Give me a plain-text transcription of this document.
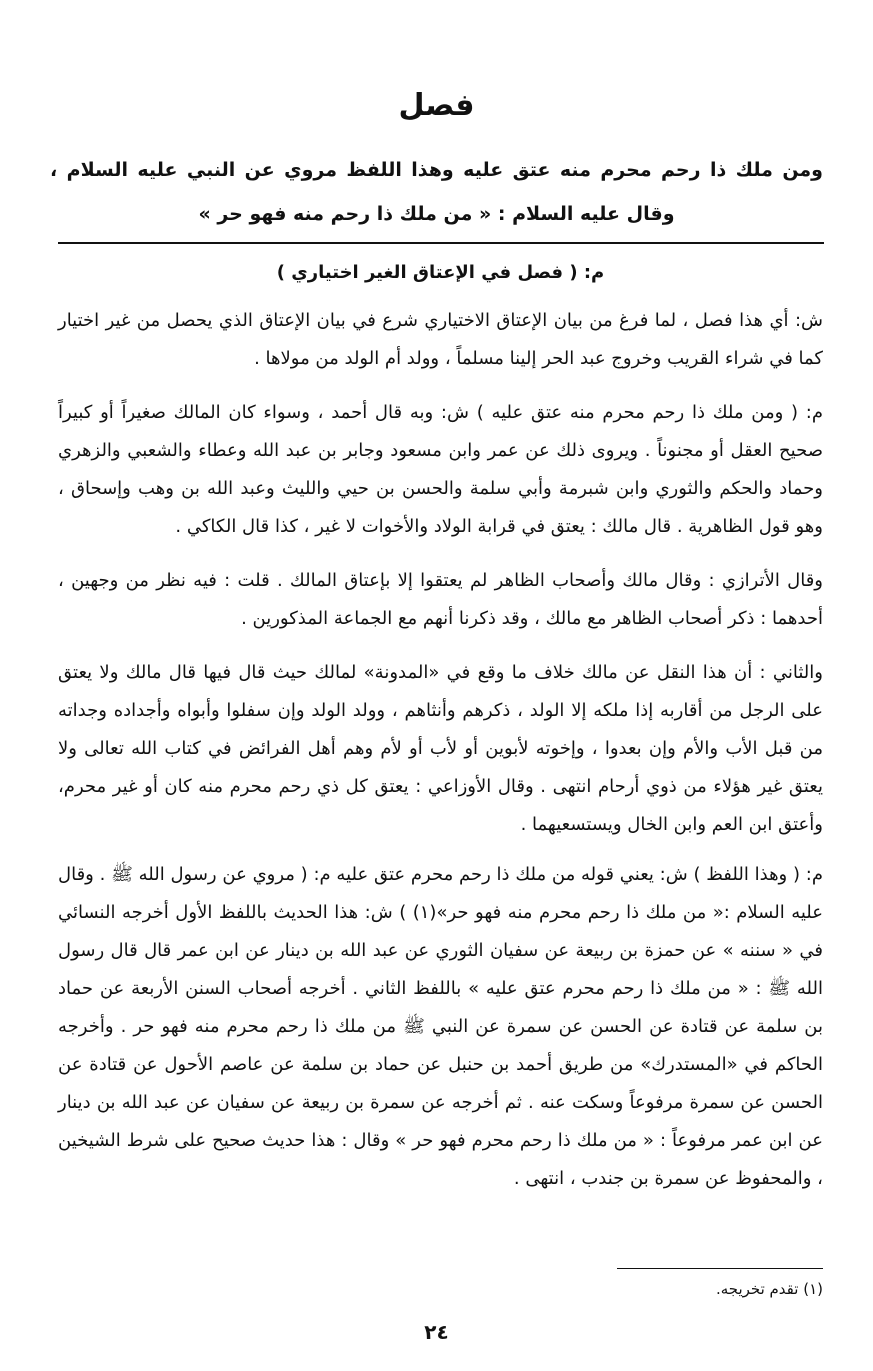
فصل
ومن ملك ذا رحم محرم منه عتق عليه وهذا اللفظ مروي عن النبي عليه السلام ، وقال عليه السلام : « من ملك ذا رحم منه فهو حر »

م: ( فصل في الإعتاق الغير اختياري )

ش: أي هذا فصل ، لما فرغ من بيان الإعتاق الاختياري شرع في بيان الإعتاق الذي يحصل من غير اختيار كما في شراء القريب وخروج عبد الحر إلينا مسلماً ، وولد أم الولد من مولاها .

م: ( ومن ملك ذا رحم محرم منه عتق عليه ) ش: وبه قال أحمد ، وسواء كان المالك صغيراً أو كبيراً صحيح العقل أو مجنوناً . ويروى ذلك عن عمر وابن مسعود وجابر بن عبد الله وعطاء والشعبي والزهري وحماد والحكم والثوري وابن شبرمة وأبي سلمة والحسن بن حيي والليث وعبد الله بن وهب وإسحاق ، وهو قول الظاهرية . قال مالك : يعتق في قرابة الولاد والأخوات لا غير ، كذا قال الكاكي .

وقال الأترازي : وقال مالك وأصحاب الظاهر لم يعتقوا إلا بإعتاق المالك . قلت : فيه نظر من وجهين ، أحدهما : ذكر أصحاب الظاهر مع مالك ، وقد ذكرنا أنهم مع الجماعة المذكورين .

والثاني : أن هذا النقل عن مالك خلاف ما وقع في «المدونة» لمالك حيث قال فيها قال مالك ولا يعتق على الرجل من أقاربه إذا ملكه إلا الولد ، ذكرهم وأنثاهم ، وولد الولد وإن سفلوا وأبواه وأجداده وجداته من قبل الأب والأم وإن بعدوا ، وإخوته لأبوين أو لأب أو لأم وهم أهل الفرائض في كتاب الله تعالى ولا يعتق غير هؤلاء من ذوي أرحام انتهى . وقال الأوزاعي : يعتق كل ذي رحم محرم منه كان أو غير محرم، وأعتق ابن العم وابن الخال ويستسعيهما .

م: ( وهذا اللفظ ) ش: يعني قوله من ملك ذا رحم محرم عتق عليه م: ( مروي عن رسول الله ﷺ . وقال عليه السلام :« من ملك ذا رحم محرم منه فهو حر»(١) ) ش: هذا الحديث باللفظ الأول أخرجه النسائي في « سننه » عن حمزة بن ربيعة عن سفيان الثوري عن عبد الله بن دينار عن ابن عمر قال قال رسول الله ﷺ : « من ملك ذا رحم محرم عتق عليه » باللفظ الثاني . أخرجه أصحاب السنن الأربعة عن حماد بن سلمة عن قتادة عن الحسن عن سمرة عن النبي ﷺ من ملك ذا رحم محرم منه فهو حر . وأخرجه الحاكم في «المستدرك» من طريق أحمد بن حنبل عن حماد بن سلمة عن عاصم الأحول عن قتادة عن الحسن عن سمرة مرفوعاً وسكت عنه . ثم أخرجه عن سمرة بن ربيعة عن سفيان عن عبد الله بن دينار عن ابن عمر مرفوعاً : « من ملك ذا رحم محرم فهو حر » وقال : هذا حديث صحيح على شرط الشيخين ، والمحفوظ عن سمرة بن جندب ، انتهى .

(١) تقدم تخريجه.
٢٤
